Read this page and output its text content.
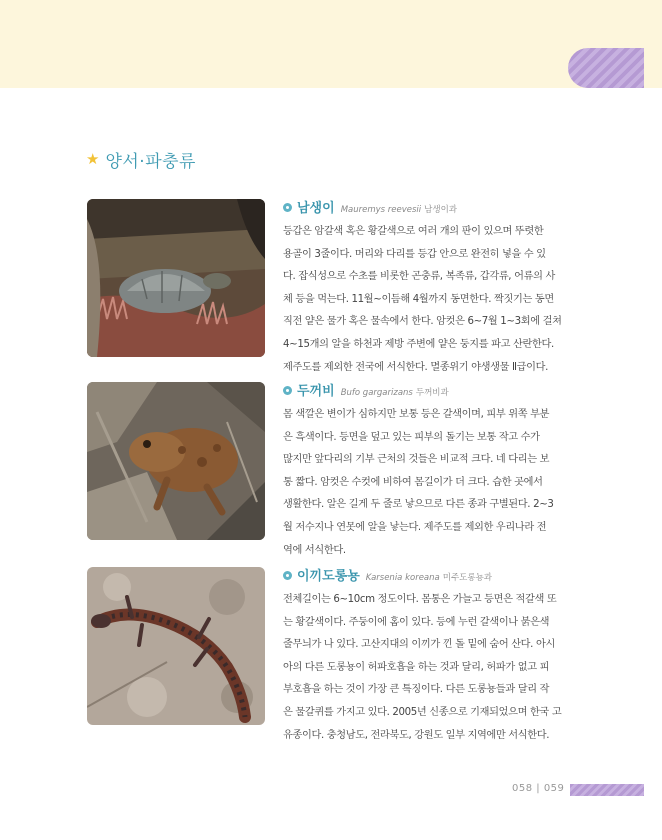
★ 양서·파충류
남생이 Mauremys reevesii 남생이과
등갑은 암갈색 혹은 황갈색으로 여러 개의 판이 있으며 뚜렷한
용골이 3줄이다. 머리와 다리를 등갑 안으로 완전히 넣을 수 있
다. 잡식성으로 수초를 비롯한 곤충류, 복족류, 갑각류, 어류의 사
체 등을 먹는다. 11월~이듬해 4월까지 동면한다. 짝짓기는 동면
직전 얕은 물가 혹은 물속에서 한다. 암컷은 6~7월 1~3회에 걸쳐
4~15개의 알을 하천과 제방 주변에 얕은 둥지를 파고 산란한다.
제주도를 제외한 전국에 서식한다. 멸종위기 야생생물 Ⅱ급이다.
두꺼비 Bufo gargarizans 두꺼비과
몸 색깔은 변이가 심하지만 보통 등은 갈색이며, 피부 위쪽 부분
은 흑색이다. 등면을 덮고 있는 피부의 돌기는 보통 작고 수가
많지만 앞다리의 기부 근처의 것들은 비교적 크다. 네 다리는 보
통 짧다. 암컷은 수컷에 비하여 몸길이가 더 크다. 습한 곳에서
생활한다. 알은 길게 두 줄로 낳으므로 다른 종과 구별된다. 2~3
월 저수지나 연못에 알을 낳는다. 제주도를 제외한 우리나라 전
역에 서식한다.
이끼도롱뇽 Karsenia koreana 미주도롱뇽과
전체길이는 6~10cm 정도이다. 몸통은 가늘고 등면은 적갈색 또
는 황갈색이다. 주둥이에 홈이 있다. 등에 누런 갈색이나 붉은색
줄무늬가 나 있다. 고산지대의 이끼가 낀 돌 밑에 숨어 산다. 아시
아의 다른 도롱뇽이 허파호흡을 하는 것과 달리, 허파가 없고 피
부호흡을 하는 것이 가장 큰 특징이다. 다른 도롱뇽들과 달리 작
은 물갈퀴를 가지고 있다. 2005년 신종으로 기재되었으며 한국 고
유종이다. 충청남도, 전라북도, 강원도 일부 지역에만 서식한다.
058 | 059
